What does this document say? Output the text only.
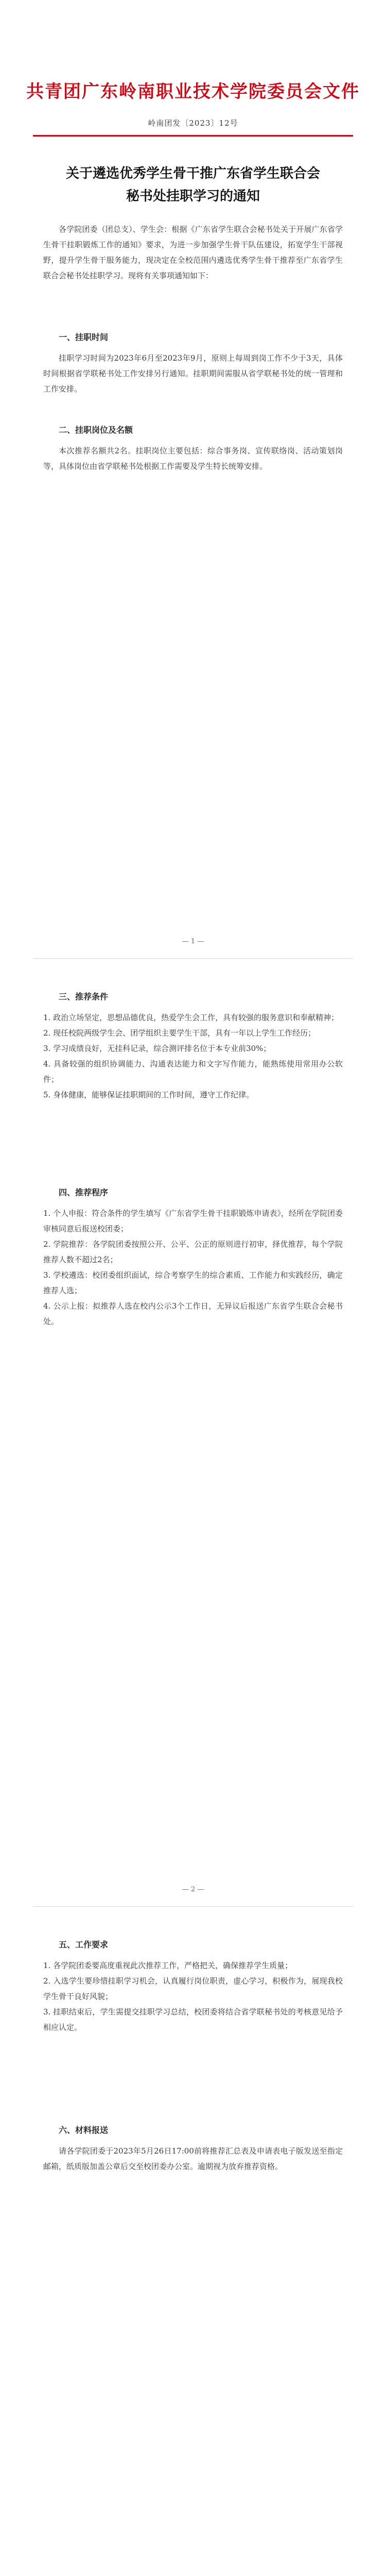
共青团广东岭南职业技术学院委员会文件
岭南团发〔2023〕12号
关于遴选优秀学生骨干推广东省学生联合会
秘书处挂职学习的通知
各学院团委（团总支）、学生会：根据《广东省学生联合会秘书处关于开展广东省学生骨干挂职锻炼工作的通知》要求，为进一步加强学生骨干队伍建设，拓宽学生干部视野，提升学生骨干服务能力，现决定在全校范围内遴选优秀学生骨干推荐至广东省学生联合会秘书处挂职学习。现将有关事项通知如下：
一、挂职时间
挂职学习时间为2023年6月至2023年9月，原则上每周到岗工作不少于3天，具体时间根据省学联秘书处工作安排另行通知。挂职期间需服从省学联秘书处的统一管理和工作安排。
二、挂职岗位及名额
本次推荐名额共2名。挂职岗位主要包括：综合事务岗、宣传联络岗、活动策划岗等，具体岗位由省学联秘书处根据工作需要及学生特长统筹安排。
— 1 —
三、推荐条件
1. 政治立场坚定，思想品德优良，热爱学生会工作，具有较强的服务意识和奉献精神；
2. 现任校院两级学生会、团学组织主要学生干部，具有一年以上学生工作经历；
3. 学习成绩良好，无挂科记录，综合测评排名位于本专业前30%；
4. 具备较强的组织协调能力、沟通表达能力和文字写作能力，能熟练使用常用办公软件；
5. 身体健康，能够保证挂职期间的工作时间，遵守工作纪律。
四、推荐程序
1. 个人申报：符合条件的学生填写《广东省学生骨干挂职锻炼申请表》，经所在学院团委审核同意后报送校团委；
2. 学院推荐：各学院团委按照公开、公平、公正的原则进行初审，择优推荐，每个学院推荐人数不超过2名；
3. 学校遴选：校团委组织面试，综合考察学生的综合素质、工作能力和实践经历，确定推荐人选；
4. 公示上报：拟推荐人选在校内公示3个工作日，无异议后报送广东省学生联合会秘书处。
— 2 —
五、工作要求
1. 各学院团委要高度重视此次推荐工作，严格把关，确保推荐学生质量；
2. 入选学生要珍惜挂职学习机会，认真履行岗位职责，虚心学习，积极作为，展现我校学生骨干良好风貌；
3. 挂职结束后，学生需提交挂职学习总结，校团委将结合省学联秘书处的考核意见给予相应认定。
六、材料报送
请各学院团委于2023年5月26日17:00前将推荐汇总表及申请表电子版发送至指定邮箱，纸质版加盖公章后交至校团委办公室。逾期视为放弃推荐资格。
